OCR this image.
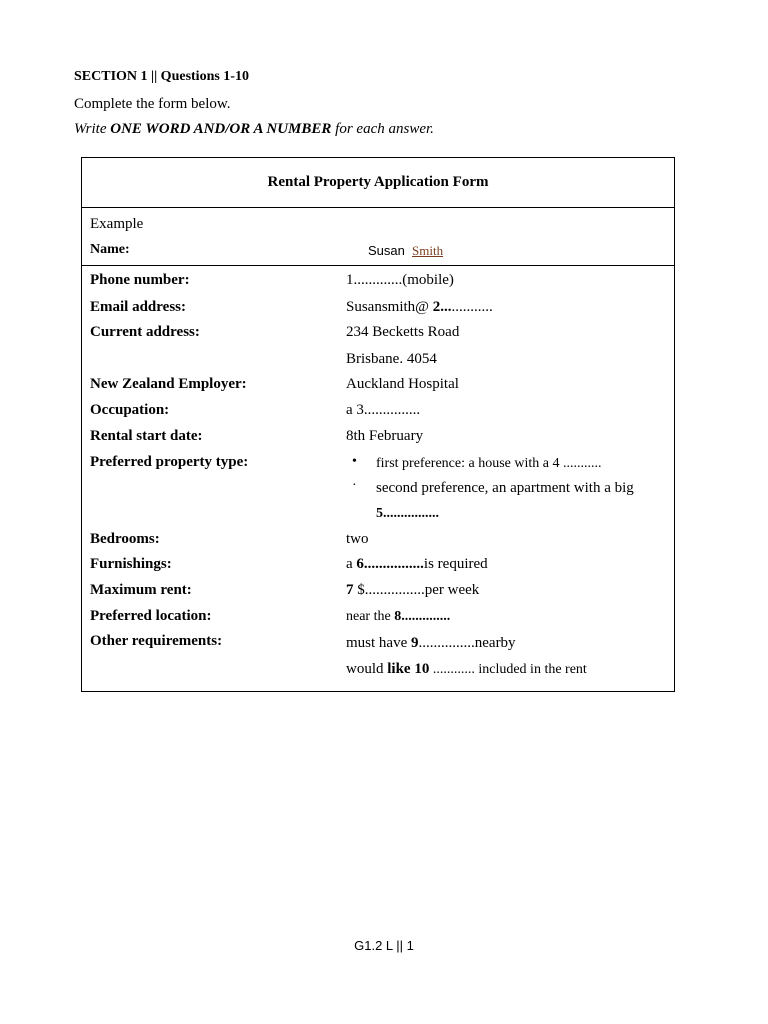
SECTION 1 || Questions 1-10
Complete the form below.
Write ONE WORD AND/OR A NUMBER for each answer.
Rental Property Application Form
Example
Name:	Susan Smith
Phone number:	1.............(mobile)
Email address:	Susansmith@ 2..............
Current address:	234 Becketts Road
Brisbane. 4054
New Zealand Employer:	Auckland Hospital
Occupation:	a 3...............
Rental start date:	8th February
Preferred property type:	• first preference: a house with a 4 ...........
· second preference, an apartment with a big
5................
Bedrooms:	two
Furnishings:	a 6................is required
Maximum rent:	7 $................per week
Preferred location:	near the 8..............
Other requirements:	must have 9...............nearby
would like 10 ............ included in the rent
G1.2 L || 1
